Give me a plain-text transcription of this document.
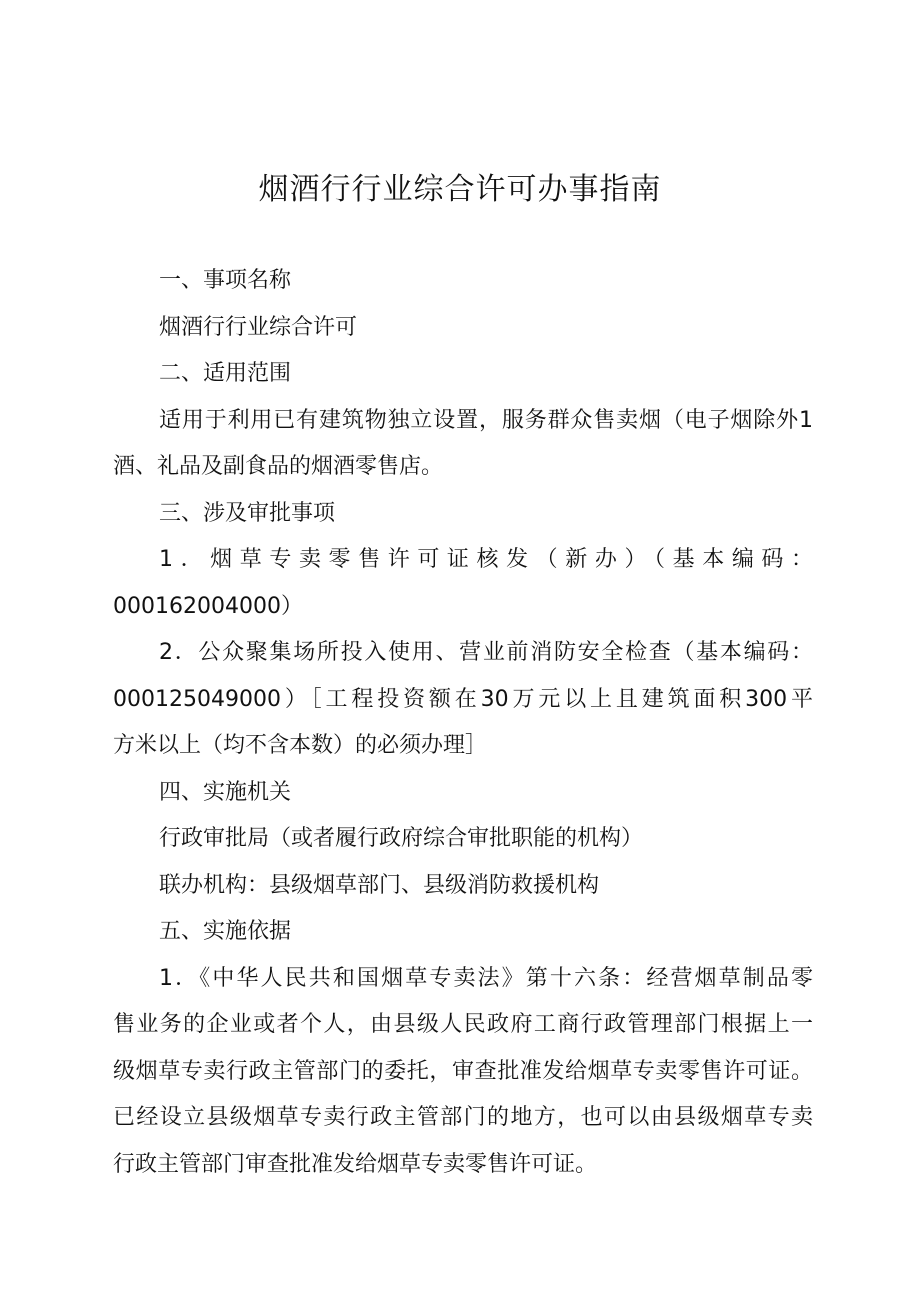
烟酒行行业综合许可办事指南

一、事项名称

烟酒行行业综合许可

二、适用范围

适用于利用已有建筑物独立设置，服务群众售卖烟（电子烟除外1

酒、礼品及副食品的烟酒零售店。

三、涉及审批事项

1．烟草专卖零售许可证核发（新办）（基本编码：

000162004000）

2．公众聚集场所投入使用、营业前消防安全检查（基本编码：

000125049000）［工程投资额在30万元以上且建筑面积300平

方米以上（均不含本数）的必须办理］

四、实施机关

行政审批局（或者履行政府综合审批职能的机构）

联办机构：县级烟草部门、县级消防救援机构

五、实施依据

1．《中华人民共和国烟草专卖法》第十六条：经营烟草制品零

售业务的企业或者个人，由县级人民政府工商行政管理部门根据上一

级烟草专卖行政主管部门的委托，审查批准发给烟草专卖零售许可证。

已经设立县级烟草专卖行政主管部门的地方，也可以由县级烟草专卖

行政主管部门审查批准发给烟草专卖零售许可证。
